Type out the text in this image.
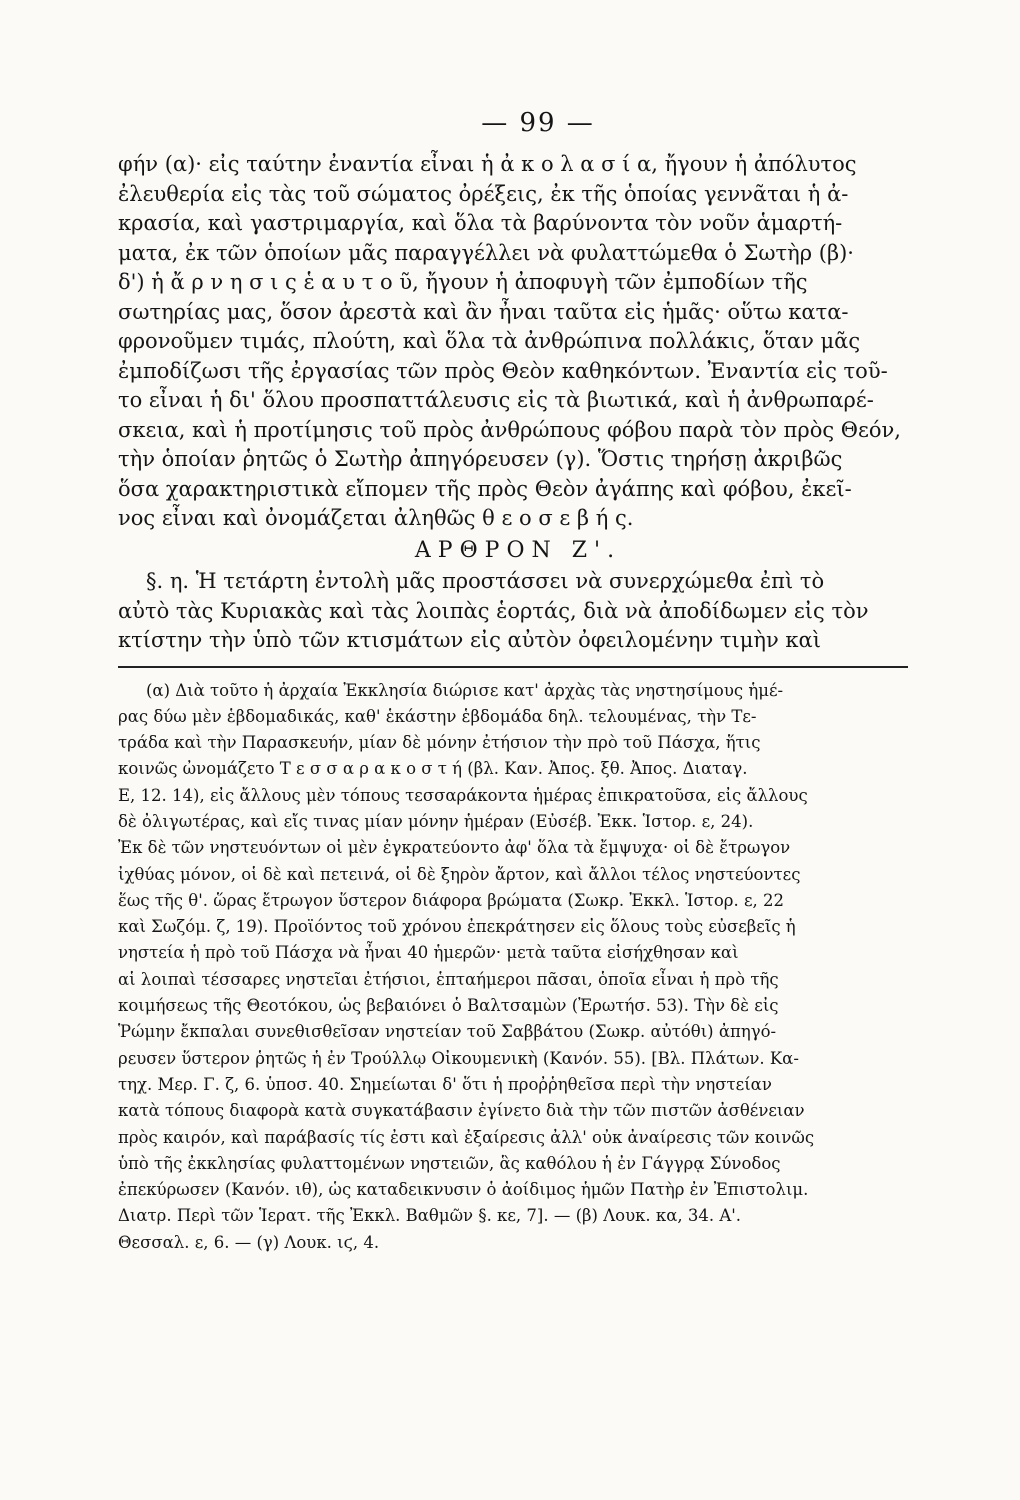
— 99 —
φήν (α)· εἰς ταύτην ἐναντία εἶναι ἡ ἀ κ ο λ α σ ί α, ἤγουν ἡ ἀπόλυτος
ἐλευθερία εἰς τὰς τοῦ σώματος ὀρέξεις, ἐκ τῆς ὁποίας γεννᾶται ἡ ἀ-
κρασία, καὶ γαστριμαργία, καὶ ὅλα τὰ βαρύνοντα τὸν νοῦν ἁμαρτή-
ματα, ἐκ τῶν ὁποίων μᾶς παραγγέλλει νὰ φυλαττώμεθα ὁ Σωτὴρ (β)·
δ') ἡ ἄ ρ ν η σ ι ς ἑ α υ τ ο ῦ, ἤγουν ἡ ἀποφυγὴ τῶν ἐμποδίων τῆς
σωτηρίας μας, ὅσον ἀρεστὰ καὶ ἂν ἦναι ταῦτα εἰς ἡμᾶς· οὕτω κατα-
φρονοῦμεν τιμάς, πλούτη, καὶ ὅλα τὰ ἀνθρώπινα πολλάκις, ὅταν μᾶς
ἐμποδίζωσι τῆς ἐργασίας τῶν πρὸς Θεὸν καθηκόντων. Ἐναντία εἰς τοῦ-
το εἶναι ἡ δι' ὅλου προσπαττάλευσις εἰς τὰ βιωτικά, καὶ ἡ ἀνθρωπαρέ-
σκεια, καὶ ἡ προτίμησις τοῦ πρὸς ἀνθρώπους φόβου παρὰ τὸν πρὸς Θεόν,
τὴν ὁποίαν ῥητῶς ὁ Σωτὴρ ἀπηγόρευσεν (γ). Ὅστις τηρήσῃ ἀκριβῶς
ὅσα χαρακτηριστικὰ εἴπομεν τῆς πρὸς Θεὸν ἀγάπης καὶ φόβου, ἐκεῖ-
νος εἶναι καὶ ὀνομάζεται ἀληθῶς θ ε ο σ ε β ή ς.
ΑΡΘΡΟΝ Ζ'.
§. η. Ἡ τετάρτη ἐντολὴ μᾶς προστάσσει νὰ συνερχώμεθα ἐπὶ τὸ
αὐτὸ τὰς Κυριακὰς καὶ τὰς λοιπὰς ἑορτάς, διὰ νὰ ἀποδίδωμεν εἰς τὸν
κτίστην τὴν ὑπὸ τῶν κτισμάτων εἰς αὐτὸν ὀφειλομένην τιμὴν καὶ
(α) Διὰ τοῦτο ἡ ἀρχαία Ἐκκλησία διώρισε κατ' ἀρχὰς τὰς νηστησίμους ἡμέ-
ρας δύω μὲν ἑβδομαδικάς, καθ' ἑκάστην ἑβδομάδα δηλ. τελουμένας, τὴν Τε-
τράδα καὶ τὴν Παρασκευήν, μίαν δὲ μόνην ἐτήσιον τὴν πρὸ τοῦ Πάσχα, ἥτις
κοινῶς ὠνομάζετο Τ ε σ σ α ρ α κ ο σ τ ή (βλ. Καν. Ἀπος. ξθ. Ἀπος. Διαταγ.
Ε, 12. 14), εἰς ἄλλους μὲν τόπους τεσσαράκοντα ἡμέρας ἐπικρατοῦσα, εἰς ἄλλους
δὲ ὀλιγωτέρας, καὶ εἴς τινας μίαν μόνην ἡμέραν (Εὐσέβ. Ἐκκ. Ἱστορ. ε, 24).
Ἐκ δὲ τῶν νηστευόντων οἱ μὲν ἐγκρατεύοντο ἀφ' ὅλα τὰ ἔμψυχα· οἱ δὲ ἔτρωγον
ἰχθύας μόνον, οἱ δὲ καὶ πετεινά, οἱ δὲ ξηρὸν ἄρτον, καὶ ἄλλοι τέλος νηστεύοντες
ἕως τῆς θ'. ὥρας ἔτρωγον ὕστερον διάφορα βρώματα (Σωκρ. Ἐκκλ. Ἱστορ. ε, 22
καὶ Σωζόμ. ζ, 19). Προϊόντος τοῦ χρόνου ἐπεκράτησεν εἰς ὅλους τοὺς εὐσεβεῖς ἡ
νηστεία ἡ πρὸ τοῦ Πάσχα νὰ ἦναι 40 ἡμερῶν· μετὰ ταῦτα εἰσήχθησαν καὶ
αἱ λοιπαὶ τέσσαρες νηστεῖαι ἐτήσιοι, ἑπταήμεροι πᾶσαι, ὁποῖα εἶναι ἡ πρὸ τῆς
κοιμήσεως τῆς Θεοτόκου, ὡς βεβαιόνει ὁ Βαλτσαμὼν (Ἐρωτήσ. 53). Τὴν δὲ εἰς
Ῥώμην ἔκπαλαι συνεθισθεῖσαν νηστείαν τοῦ Σαββάτου (Σωκρ. αὐτόθι) ἀπηγό-
ρευσεν ὕστερον ῥητῶς ἡ ἐν Τρούλλῳ Οἰκουμενικὴ (Κανόν. 55). [Βλ. Πλάτων. Κα-
τηχ. Μερ. Γ. ζ, 6. ὑποσ. 40. Σημείωται δ' ὅτι ἡ προῤῥηθεῖσα περὶ τὴν νηστείαν
κατὰ τόπους διαφορὰ κατὰ συγκατάβασιν ἐγίνετο διὰ τὴν τῶν πιστῶν ἀσθένειαν
πρὸς καιρόν, καὶ παράβασίς τίς ἐστι καὶ ἐξαίρεσις ἀλλ' οὐκ ἀναίρεσις τῶν κοινῶς
ὑπὸ τῆς ἐκκλησίας φυλαττομένων νηστειῶν, ἃς καθόλου ἡ ἐν Γάγγρᾳ Σύνοδος
ἐπεκύρωσεν (Κανόν. ιθ), ὡς καταδεικνυσιν ὁ ἀοίδιμος ἡμῶν Πατὴρ ἐν Ἐπιστολιμ.
Διατρ. Περὶ τῶν Ἱερατ. τῆς Ἐκκλ. Βαθμῶν §. κε, 7]. — (β) Λουκ. κα, 34. Α'.
Θεσσαλ. ε, 6. — (γ) Λουκ. ιϛ, 4.
